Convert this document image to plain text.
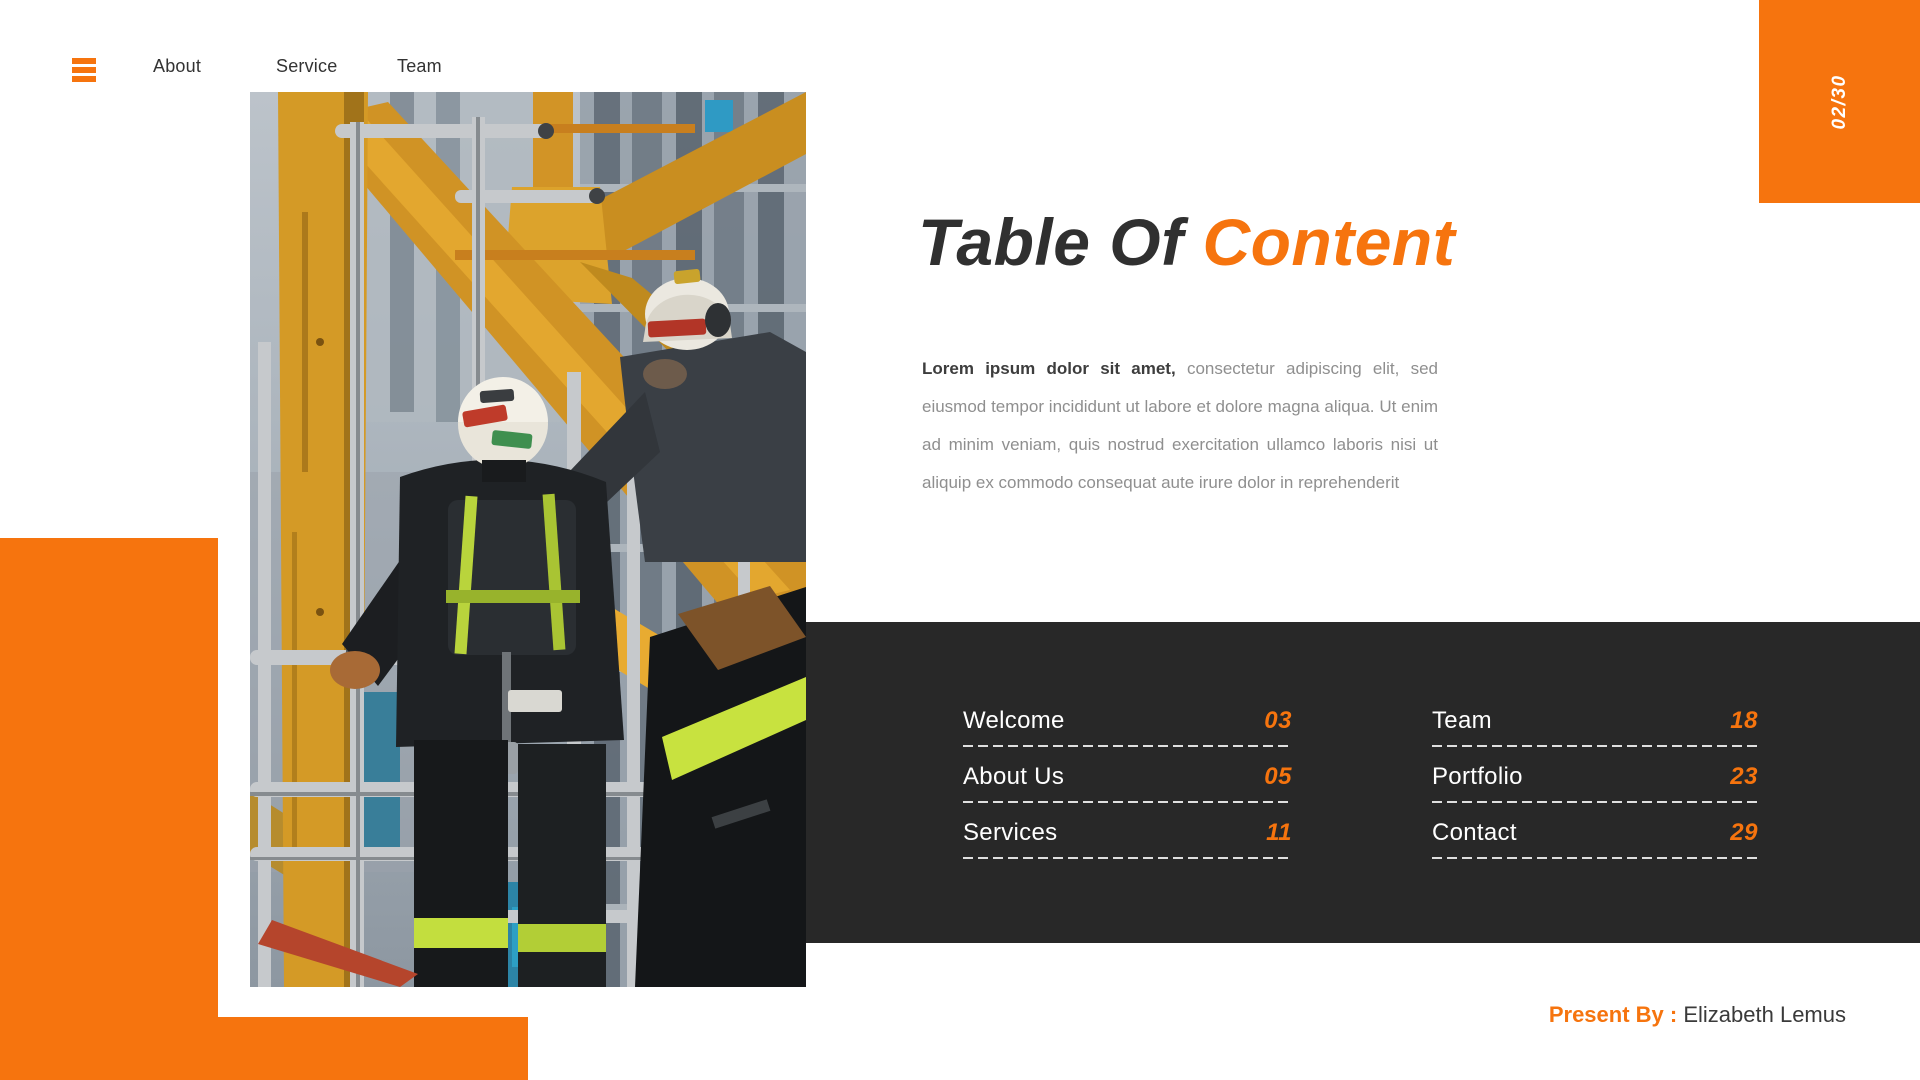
About	Service	Team
02/30
Welcome	03
About Us	05
Services	11
Team	18
Portfolio	23
Contact	29
Table Of Content

Lorem ipsum dolor sit amet, consectetur adipiscing elit, sed eiusmod tempor incididunt ut labore et dolore magna aliqua. Ut enim ad minim veniam, quis nostrud exercitation ullamco laboris nisi ut aliquip ex commodo consequat aute irure dolor in reprehenderit

Present By : Elizabeth Lemus
